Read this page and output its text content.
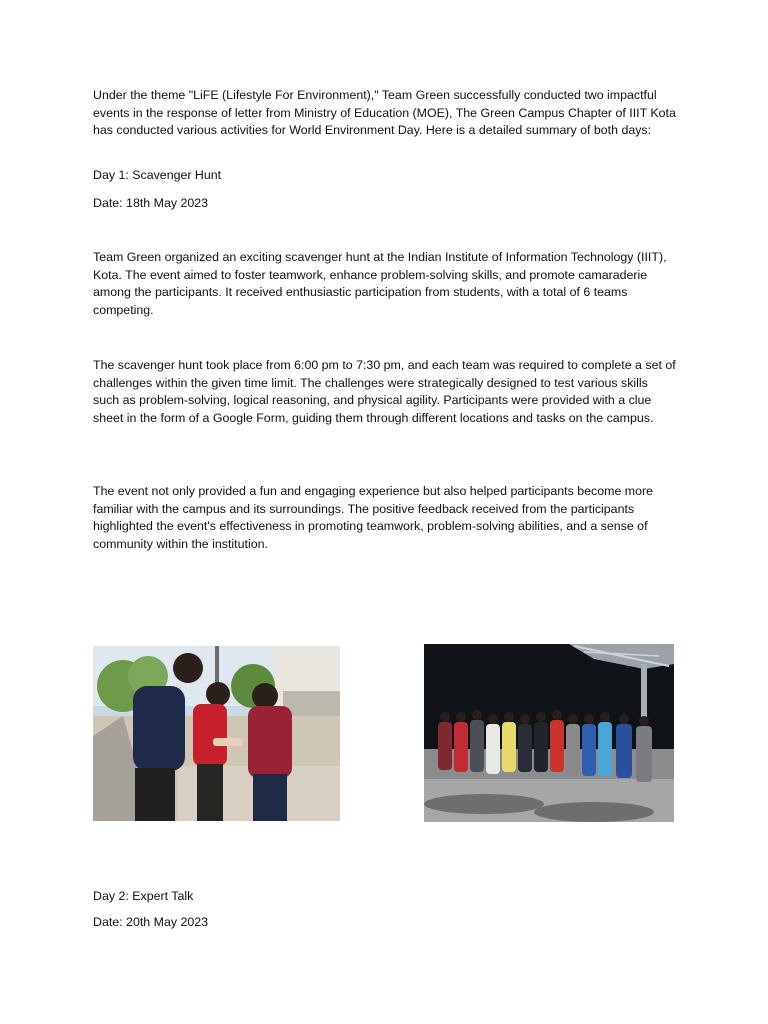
Under the theme "LiFE (Lifestyle For Environment)," Team Green successfully conducted two impactful events in the response of letter from Ministry of Education (MOE), The Green Campus Chapter of IIIT Kota has conducted various activities for World Environment Day. Here is a detailed summary of both days:

Day 1: Scavenger Hunt

Date: 18th May 2023

Team Green organized an exciting scavenger hunt at the Indian Institute of Information Technology (IIIT), Kota. The event aimed to foster teamwork, enhance problem-solving skills, and promote camaraderie among the participants. It received enthusiastic participation from students, with a total of 6 teams competing.

The scavenger hunt took place from 6:00 pm to 7:30 pm, and each team was required to complete a set of challenges within the given time limit. The challenges were strategically designed to test various skills such as problem-solving, logical reasoning, and physical agility. Participants were provided with a clue sheet in the form of a Google Form, guiding them through different locations and tasks on the campus.

The event not only provided a fun and engaging experience but also helped participants become more familiar with the campus and its surroundings. The positive feedback received from the participants highlighted the event's effectiveness in promoting teamwork, problem-solving abilities, and a sense of community within the institution.

Day 2: Expert Talk

Date: 20th May 2023
